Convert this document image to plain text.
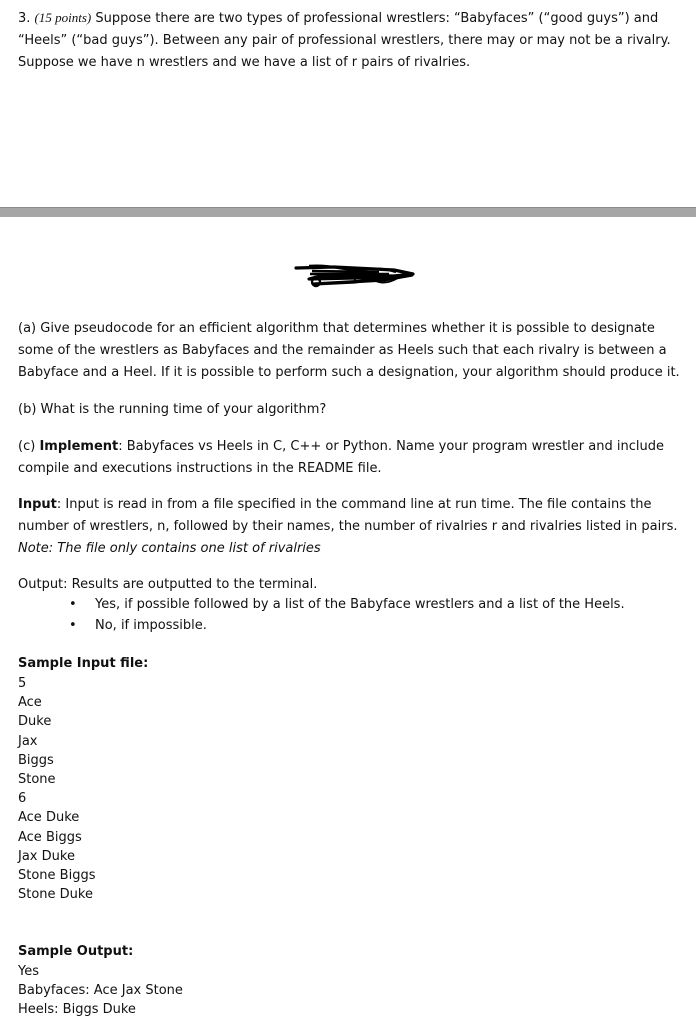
3. (15 points) Suppose there are two types of professional wrestlers: “Babyfaces” (“good guys”) and “Heels” (“bad guys”). Between any pair of professional wrestlers, there may or may not be a rivalry. Suppose we have n wrestlers and we have a list of r pairs of rivalries.

(a) Give pseudocode for an efficient algorithm that determines whether it is possible to designate some of the wrestlers as Babyfaces and the remainder as Heels such that each rivalry is between a Babyface and a Heel. If it is possible to perform such a designation, your algorithm should produce it.

(b) What is the running time of your algorithm?

(c) Implement: Babyfaces vs Heels in C, C++ or Python. Name your program wrestler and include compile and executions instructions in the README file.

Input: Input is read in from a file specified in the command line at run time. The file contains the number of wrestlers, n, followed by their names, the number of rivalries r and rivalries listed in pairs.
Note: The file only contains one list of rivalries

Output: Results are outputted to the terminal.

• Yes, if possible followed by a list of the Babyface wrestlers and a list of the Heels.
• No, if impossible.
Sample Input file:
5
Ace
Duke
Jax
Biggs
Stone
6
Ace Duke
Ace Biggs
Jax Duke
Stone Biggs
Stone Duke
Sample Output:
Yes
Babyfaces: Ace Jax Stone
Heels: Biggs Duke
